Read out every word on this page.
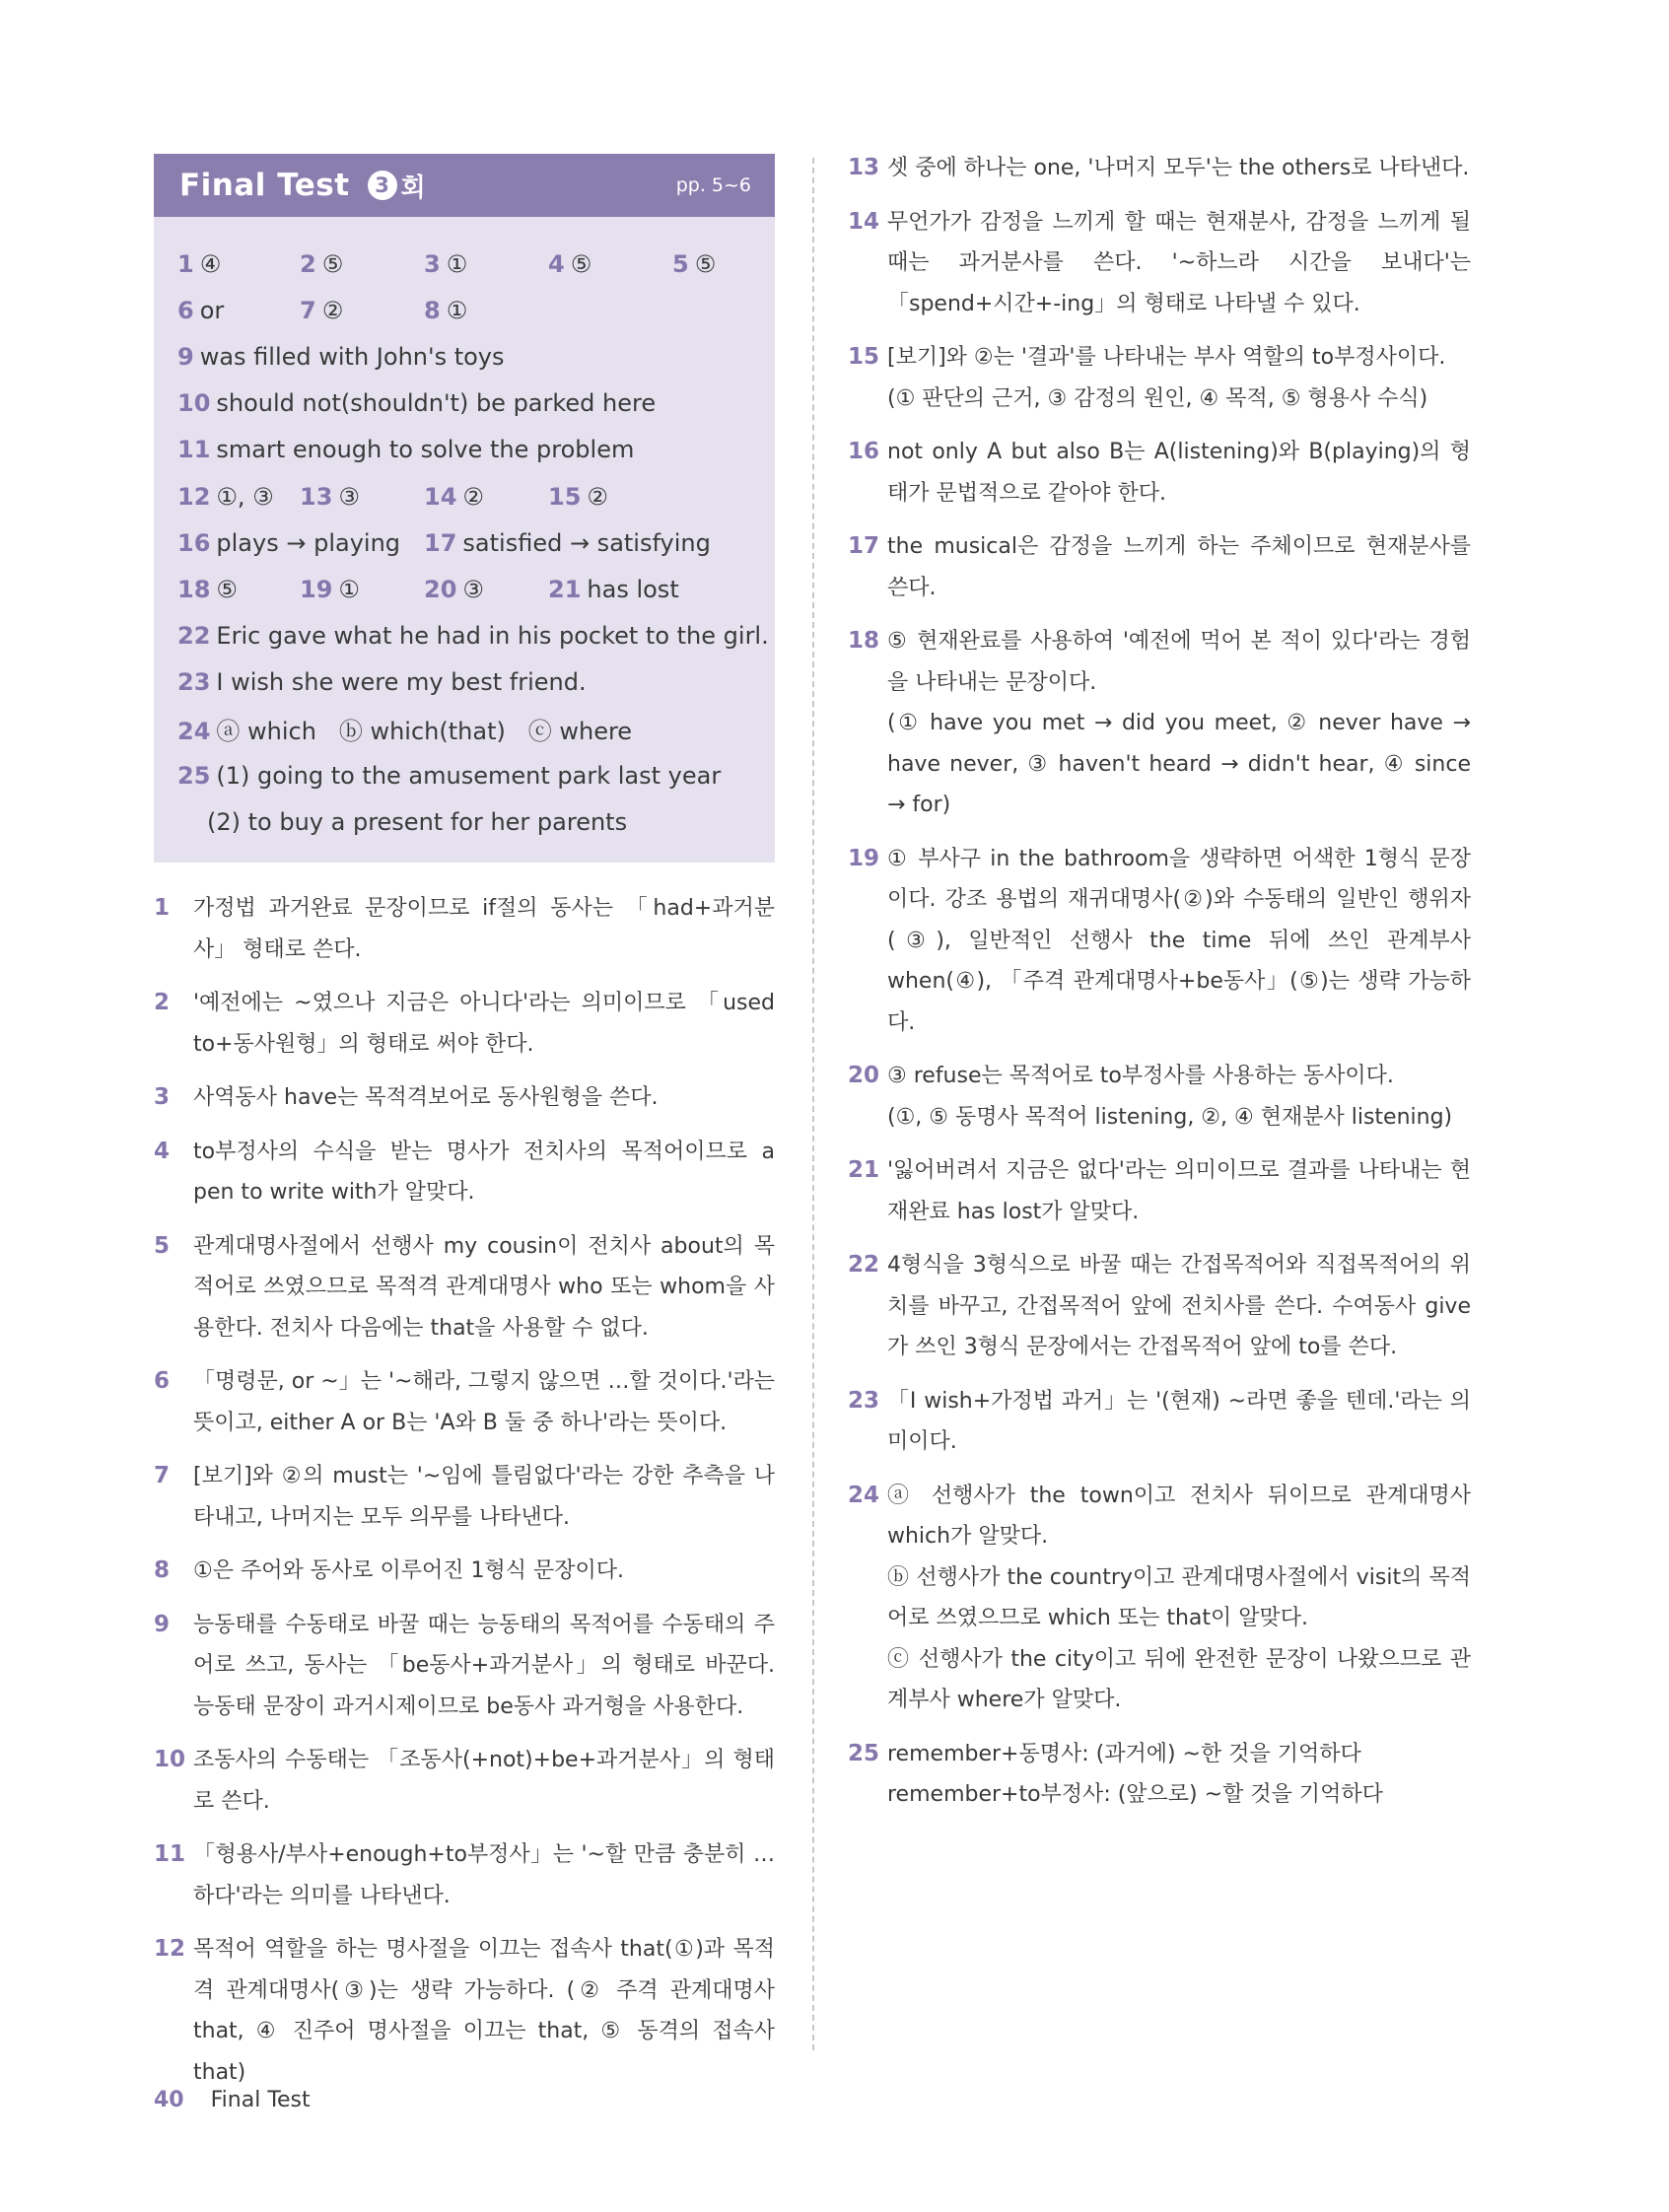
Final Test	3 회	pp. 5~6
1 ④	2 ⑤	3 ①	4 ⑤	5 ⑤
6 or	7 ②	8 ①
9 was filled with John's toys
10 should not(shouldn't) be parked here
11 smart enough to solve the problem
12 ①, ③ 13 ③	14 ②	15 ②
16 plays → playing 17 satisfied → satisfying
18 ⑤	19 ①	20 ③	21 has lost
22 Eric gave what he had in his pocket to the girl.
23 I wish she were my best friend.
24 ⓐ which   ⓑ which(that)   ⓒ where
25 (1) going to the amusement park last year
(2) to buy a present for her parents
1	가정법 과거완료 문장이므로 if절의 동사는 「had+과거분사」 형태로 쓴다.

2	'예전에는 ~였으나 지금은 아니다'라는 의미이므로 「used to+동사원형」의 형태로 써야 한다.

3	사역동사 have는 목적격보어로 동사원형을 쓴다.

4	to부정사의 수식을 받는 명사가 전치사의 목적어이므로 a pen to write with가 알맞다.

5	관계대명사절에서 선행사 my cousin이 전치사 about의 목적어로 쓰였으므로 목적격 관계대명사 who 또는 whom을 사용한다. 전치사 다음에는 that을 사용할 수 없다.

6	「명령문, or ~」는 '~해라, 그렇지 않으면 …할 것이다.'라는 뜻이고, either A or B는 'A와 B 둘 중 하나'라는 뜻이다.

7	[보기]와 ②의 must는 '~임에 틀림없다'라는 강한 추측을 나타내고, 나머지는 모두 의무를 나타낸다.

8	①은 주어와 동사로 이루어진 1형식 문장이다.

9	능동태를 수동태로 바꿀 때는 능동태의 목적어를 수동태의 주어로 쓰고, 동사는 「be동사+과거분사」의 형태로 바꾼다. 능동태 문장이 과거시제이므로 be동사 과거형을 사용한다.

10 조동사의 수동태는 「조동사(+not)+be+과거분사」의 형태로 쓴다.

11 「형용사/부사+enough+to부정사」는 '~할 만큼 충분히 …하다'라는 의미를 나타낸다.

12 목적어 역할을 하는 명사절을 이끄는 접속사 that(①)과 목적격 관계대명사(③)는 생략 가능하다. (② 주격 관계대명사 that, ④ 진주어 명사절을 이끄는 that, ⑤ 동격의 접속사 that)

13 셋 중에 하나는 one, '나머지 모두'는 the others로 나타낸다.

14 무언가가 감정을 느끼게 할 때는 현재분사, 감정을 느끼게 될 때는 과거분사를 쓴다. '~하느라 시간을 보내다'는 「spend+시간+-ing」의 형태로 나타낼 수 있다.

15 [보기]와 ②는 '결과'를 나타내는 부사 역할의 to부정사이다.

(① 판단의 근거, ③ 감정의 원인, ④ 목적, ⑤ 형용사 수식)

16 not only A but also B는 A(listening)와 B(playing)의 형태가 문법적으로 같아야 한다.

17 the musical은 감정을 느끼게 하는 주체이므로 현재분사를 쓴다.

18 ⑤ 현재완료를 사용하여 '예전에 먹어 본 적이 있다'라는 경험을 나타내는 문장이다.

(① have you met → did you meet, ② never have → have never, ③ haven't heard → didn't hear, ④ since → for)

19 ① 부사구 in the bathroom을 생략하면 어색한 1형식 문장이다. 강조 용법의 재귀대명사(②)와 수동태의 일반인 행위자(③), 일반적인 선행사 the time 뒤에 쓰인 관계부사 when(④), 「주격 관계대명사+be동사」(⑤)는 생략 가능하다.

20 ③ refuse는 목적어로 to부정사를 사용하는 동사이다.

(①, ⑤ 동명사 목적어 listening, ②, ④ 현재분사 listening)

21 '잃어버려서 지금은 없다'라는 의미이므로 결과를 나타내는 현재완료 has lost가 알맞다.

22 4형식을 3형식으로 바꿀 때는 간접목적어와 직접목적어의 위치를 바꾸고, 간접목적어 앞에 전치사를 쓴다. 수여동사 give가 쓰인 3형식 문장에서는 간접목적어 앞에 to를 쓴다.

23 「I wish+가정법 과거」는 '(현재) ~라면 좋을 텐데.'라는 의미이다.

24 ⓐ 선행사가 the town이고 전치사 뒤이므로 관계대명사 which가 알맞다.

ⓑ 선행사가 the country이고 관계대명사절에서 visit의 목적어로 쓰였으므로 which 또는 that이 알맞다.

ⓒ 선행사가 the city이고 뒤에 완전한 문장이 나왔으므로 관계부사 where가 알맞다.

25 remember+동명사: (과거에) ~한 것을 기억하다

remember+to부정사: (앞으로) ~할 것을 기억하다

40 Final Test
